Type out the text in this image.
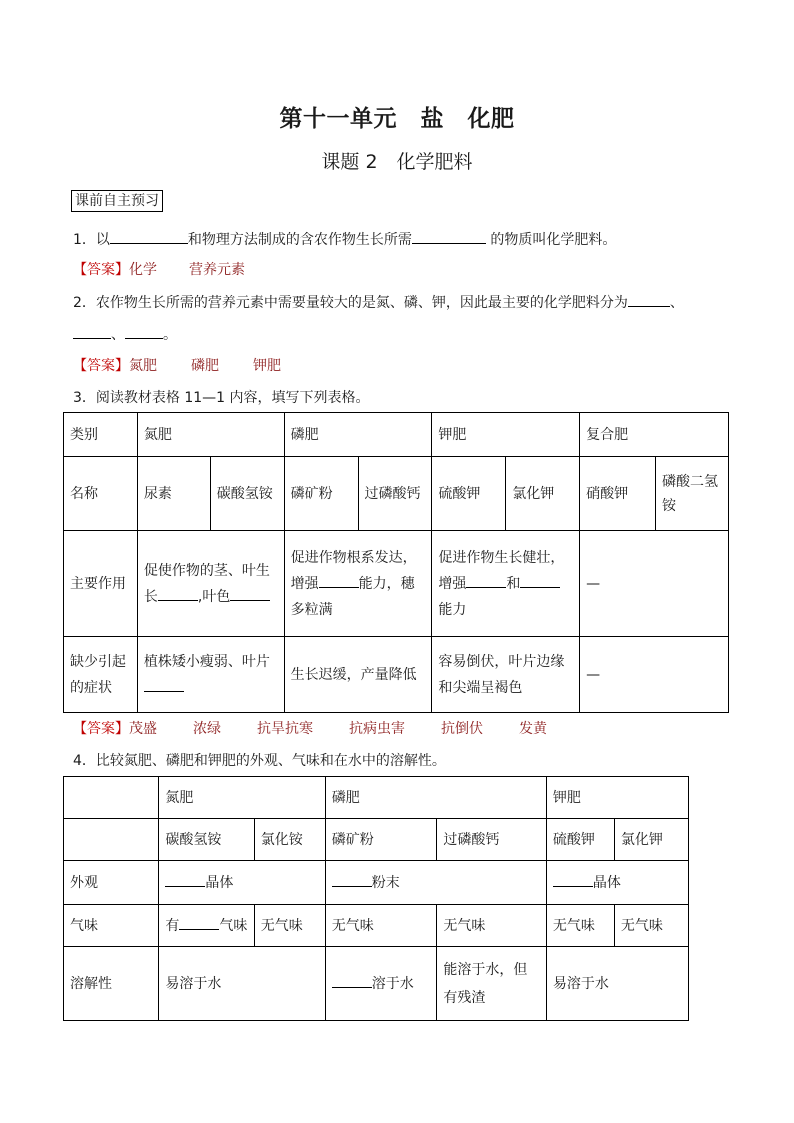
第十一单元　盐　化肥
课题 2　化学肥料
课前自主预习
1．以	和物理方法制成的含农作物生长所需	的物质叫化学肥料。
【答案】化学 营养元素
2．农作物生长所需的营养元素中需要量较大的是氮、磷、钾，因此最主要的化学肥料分为	、
、	。
【答案】氮肥 磷肥 钾肥
3．阅读教材表格 11—1 内容，填写下列表格。
类别	氮肥		磷肥		钾肥		复合肥	
名称	尿素	碳酸氢铵	磷矿粉	过磷酸钙	硫酸钾	氯化钾	硝酸钾	磷酸二氢
铵
主要作用	促使作物的茎、叶生
长 ,叶色		促进作物根系发达，
增强 能力，穗
多粒满		促进作物生长健壮，
增强 和
能力		—	
缺少引起
的症状	植株矮小瘦弱、叶片		生长迟缓，产量降低		容易倒伏，叶片边缘
和尖端呈褐色		—	
【答案】茂盛	浓绿	抗旱抗寒	抗病虫害	抗倒伏	发黄
4．比较氮肥、磷肥和钾肥的外观、气味和在水中的溶解性。
	氮肥		磷肥		钾肥	
	碳酸氢铵	氯化铵	磷矿粉	过磷酸钙	硫酸钾	氯化钾
外观	晶体		粉末		晶体	
气味	有 气味	无气味	无气味	无气味	无气味	无气味
溶解性	易溶于水		溶于水	能溶于水，但
有残渣	易溶于水	
